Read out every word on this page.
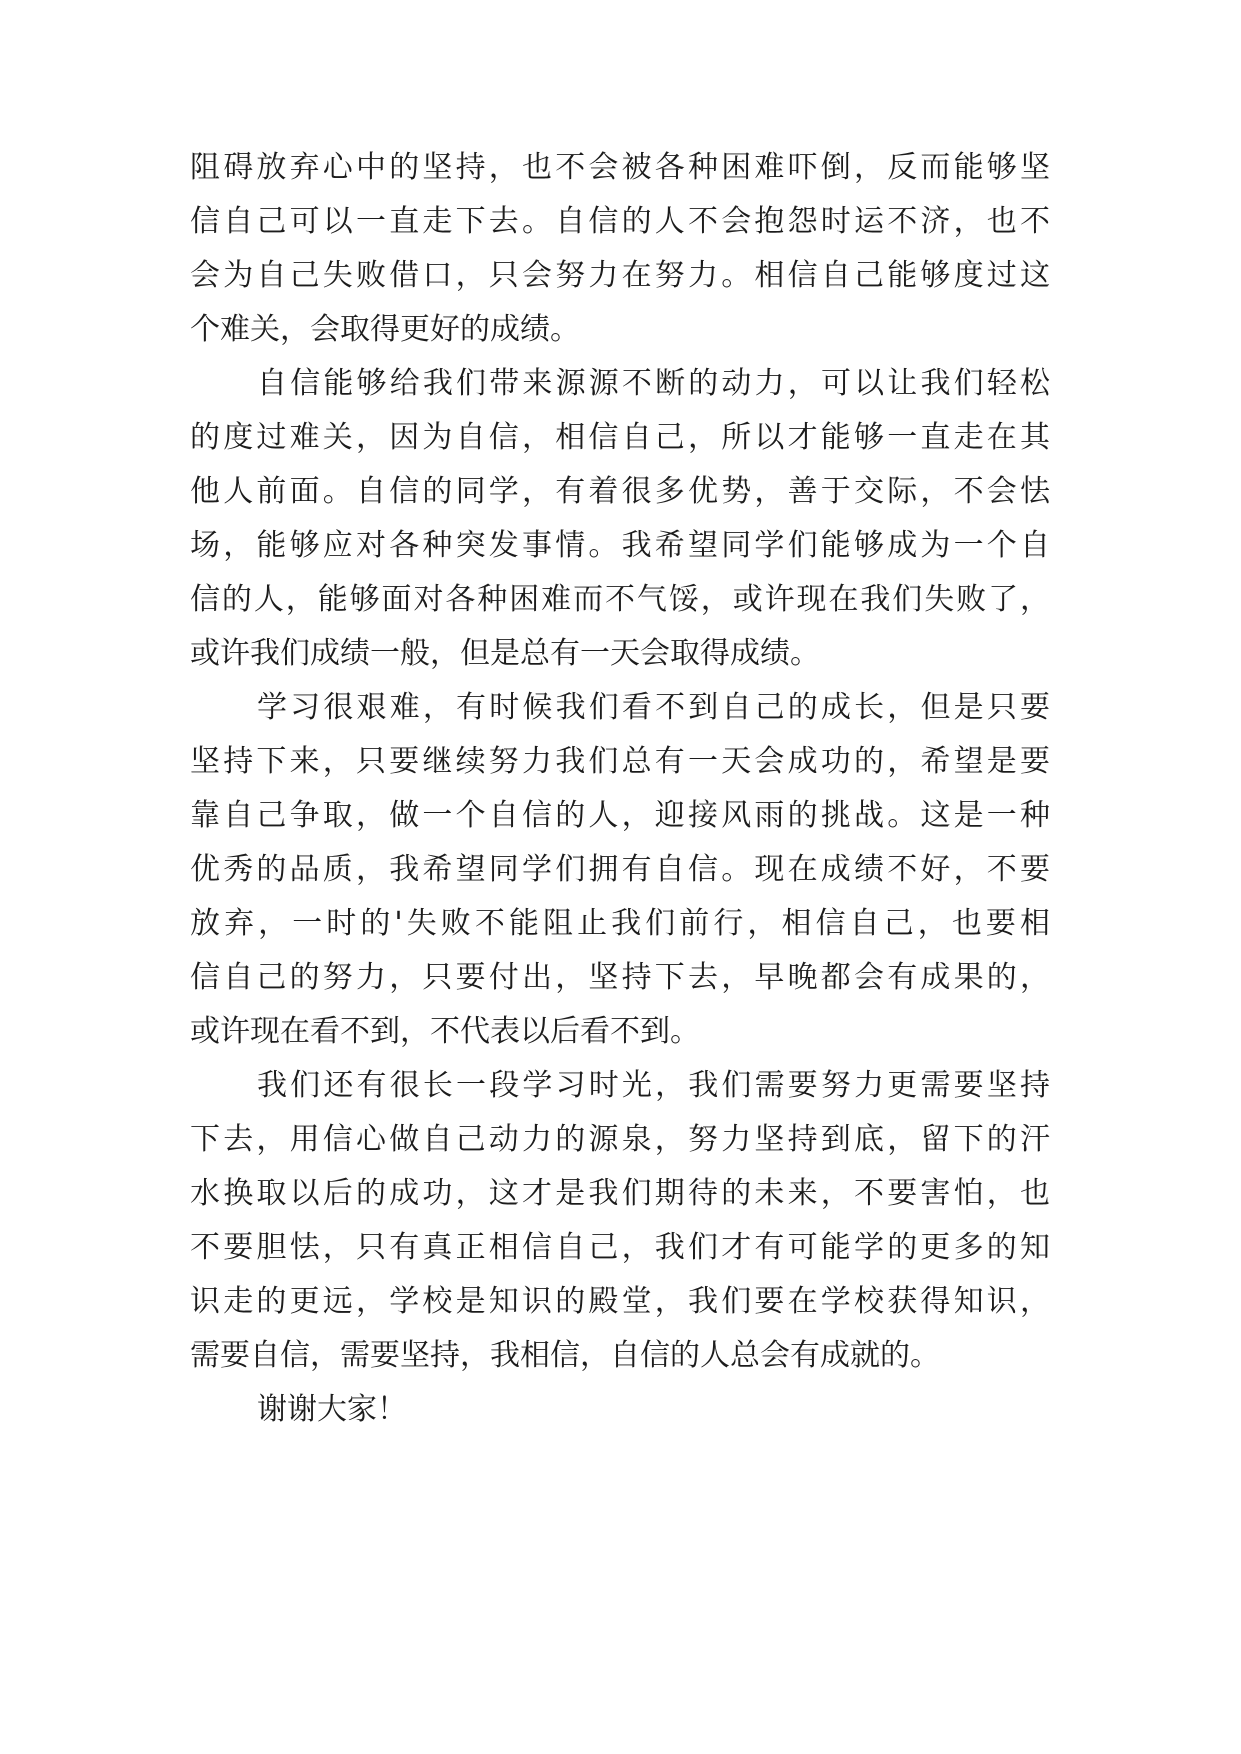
阻碍放弃心中的坚持，也不会被各种困难吓倒，反而能够坚
信自己可以一直走下去。自信的人不会抱怨时运不济，也不
会为自己失败借口，只会努力在努力。相信自己能够度过这
个难关，会取得更好的成绩。
自信能够给我们带来源源不断的动力，可以让我们轻松
的度过难关，因为自信，相信自己，所以才能够一直走在其
他人前面。自信的同学，有着很多优势，善于交际，不会怯
场，能够应对各种突发事情。我希望同学们能够成为一个自
信的人，能够面对各种困难而不气馁，或许现在我们失败了，
或许我们成绩一般，但是总有一天会取得成绩。
学习很艰难，有时候我们看不到自己的成长，但是只要
坚持下来，只要继续努力我们总有一天会成功的，希望是要
靠自己争取，做一个自信的人，迎接风雨的挑战。这是一种
优秀的品质，我希望同学们拥有自信。现在成绩不好，不要
放弃，一时的'失败不能阻止我们前行，相信自己，也要相
信自己的努力，只要付出，坚持下去，早晚都会有成果的，
或许现在看不到，不代表以后看不到。
我们还有很长一段学习时光，我们需要努力更需要坚持
下去，用信心做自己动力的源泉，努力坚持到底，留下的汗
水换取以后的成功，这才是我们期待的未来，不要害怕，也
不要胆怯，只有真正相信自己，我们才有可能学的更多的知
识走的更远，学校是知识的殿堂，我们要在学校获得知识，
需要自信，需要坚持，我相信，自信的人总会有成就的。
谢谢大家！
